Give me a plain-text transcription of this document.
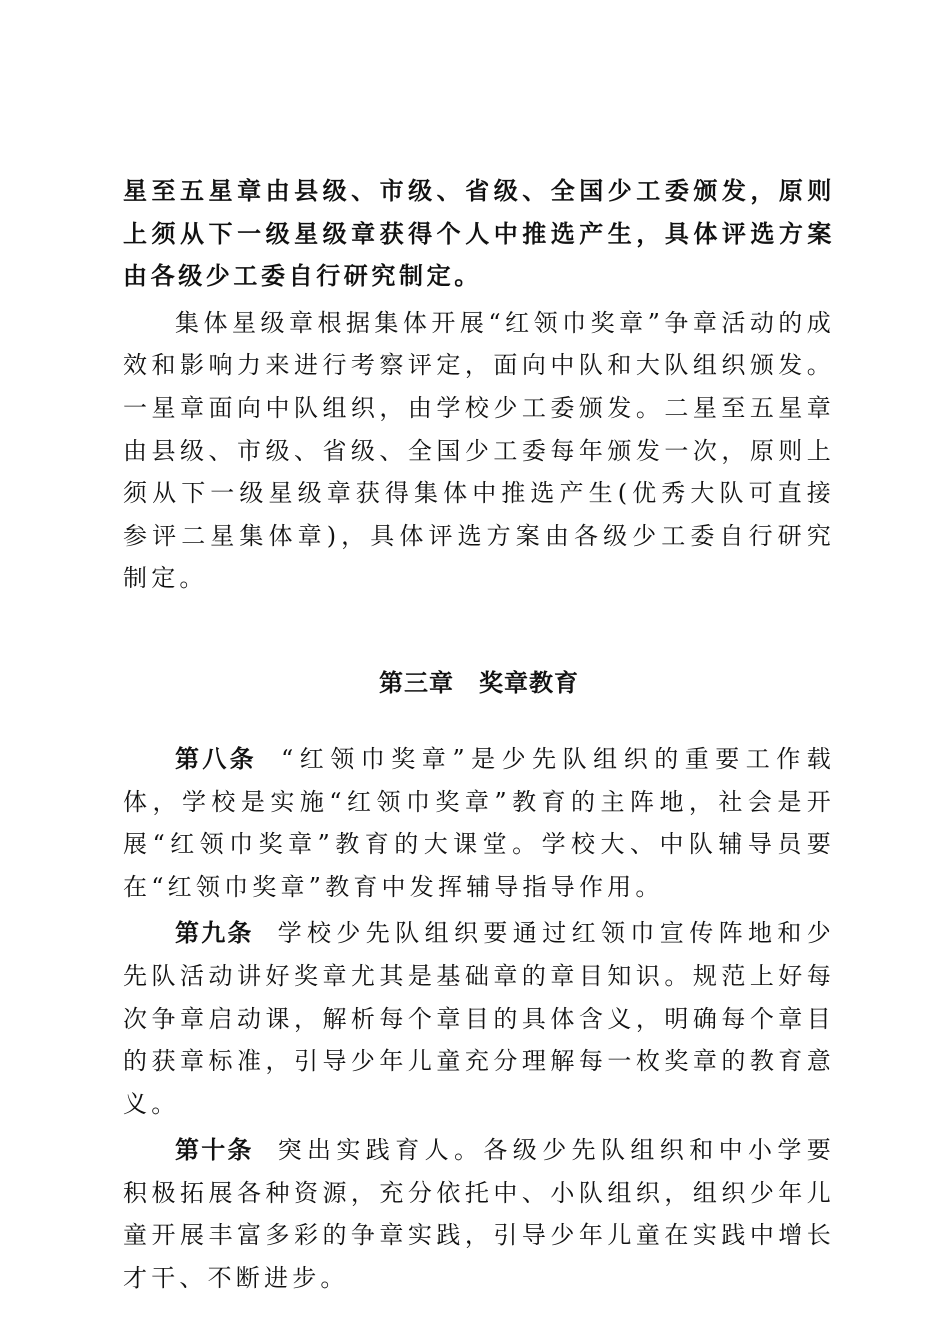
星至五星章由县级、市级、省级、全国少工委颁发，原则上须从下一级星级章获得个人中推选产生，具体评选方案由各级少工委自行研究制定。

集体星级章根据集体开展“红领巾奖章”争章活动的成效和影响力来进行考察评定，面向中队和大队组织颁发。 一星章面向中队组织，由学校少工委颁发。二星至五星章由县级、市级、省级、全国少工委每年颁发一次，原则上须从下一级星级章获得集体中推选产生(优秀大队可直接参评二星集体章)，具体评选方案由各级少工委自行研究制定。

第三章　奖章教育

第八条 “红领巾奖章”是少先队组织的重要工作载体，学校是实施“红领巾奖章”教育的主阵地，社会是开展“红领巾奖章”教育的大课堂。学校大、中队辅导员要在“红领巾奖章”教育中发挥辅导指导作用。

第九条 学校少先队组织要通过红领巾宣传阵地和少先队活动讲好奖章尤其是基础章的章目知识。规范上好每次争章启动课，解析每个章目的具体含义，明确每个章目的获章标准，引导少年儿童充分理解每一枚奖章的教育意义。

第十条 突出实践育人。各级少先队组织和中小学要积极拓展各种资源，充分依托中、小队组织，组织少年儿童开展丰富多彩的争章实践，引导少年儿童在实践中增长才干、不断进步。
